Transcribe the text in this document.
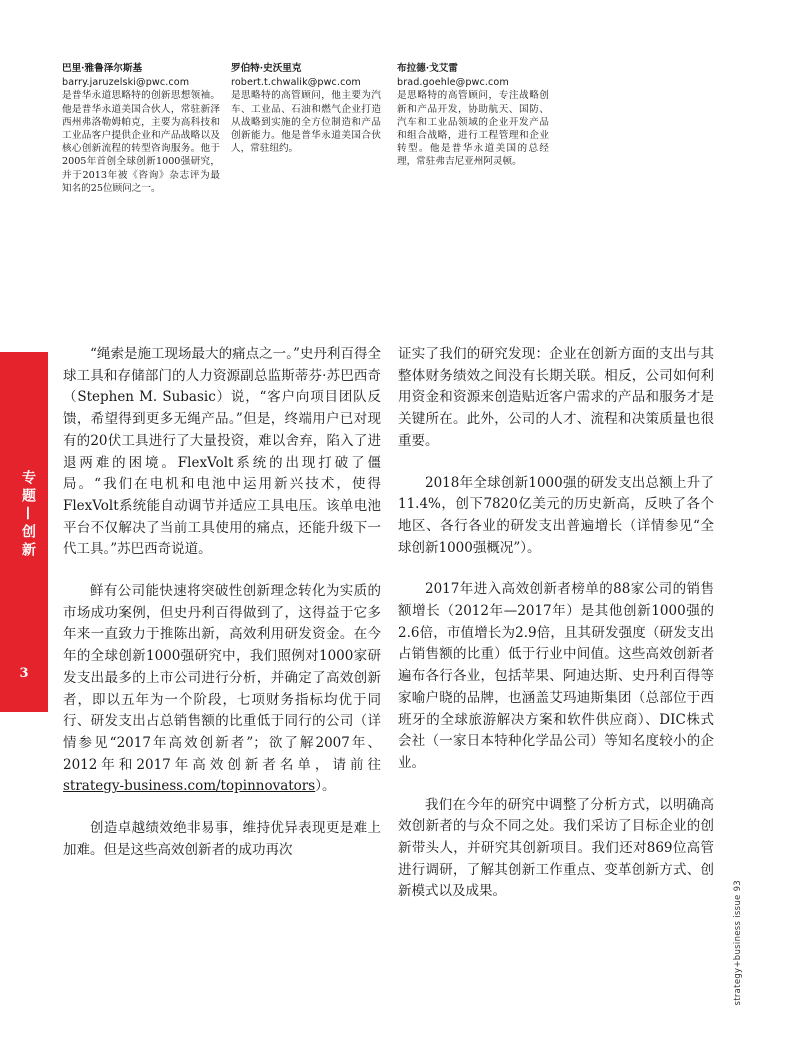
巴里·雅鲁泽尔斯基
barry.jaruzelski@pwc.com
是普华永道思略特的创新思想领袖。他是普华永道美国合伙人，常驻新泽西州弗洛勒姆帕克，主要为高科技和工业品客户提供企业和产品战略以及核心创新流程的转型咨询服务。他于2005年首创全球创新1000强研究，并于2013年被《咨询》杂志评为最知名的25位顾问之一。
罗伯特·史沃里克
robert.t.chwalik@pwc.com
是思略特的高管顾问，他主要为汽车、工业品、石油和燃气企业打造从战略到实施的全方位制造和产品创新能力。他是普华永道美国合伙人，常驻纽约。
布拉德·戈艾雷
brad.goehle@pwc.com
是思略特的高管顾问，专注战略创新和产品开发，协助航天、国防、汽车和工业品领域的企业开发产品和组合战略，进行工程管理和企业转型。他是普华永道美国的总经理，常驻弗吉尼亚州阿灵顿。
专题—创新
3

“绳索是施工现场最大的痛点之一。”史丹利百得全球工具和存储部门的人力资源副总监斯蒂芬·苏巴西奇（Stephen M. Subasic）说，“客户向项目团队反馈，希望得到更多无绳产品。”但是，终端用户已对现有的20伏工具进行了大量投资，难以舍弃，陷入了进退两难的困境。FlexVolt系统的出现打破了僵局。“我们在电机和电池中运用新兴技术，使得FlexVolt系统能自动调节并适应工具电压。该单电池平台不仅解决了当前工具使用的痛点，还能升级下一代工具。”苏巴西奇说道。

鲜有公司能快速将突破性创新理念转化为实质的市场成功案例，但史丹利百得做到了，这得益于它多年来一直致力于推陈出新，高效利用研发资金。在今年的全球创新1000强研究中，我们照例对1000家研发支出最多的上市公司进行分析，并确定了高效创新者，即以五年为一个阶段，七项财务指标均优于同行、研发支出占总销售额的比重低于同行的公司（详情参见“2017年高效创新者”；欲了解2007年、2012年和2017年高效创新者名单，请前往strategy-business.com/topinnovators）。

创造卓越绩效绝非易事，维持优异表现更是难上加难。但是这些高效创新者的成功再次

证实了我们的研究发现：企业在创新方面的支出与其整体财务绩效之间没有长期关联。相反，公司如何利用资金和资源来创造贴近客户需求的产品和服务才是关键所在。此外，公司的人才、流程和决策质量也很重要。

2018年全球创新1000强的研发支出总额上升了11.4%，创下7820亿美元的历史新高，反映了各个地区、各行各业的研发支出普遍增长（详情参见“全球创新1000强概况”）。

2017年进入高效创新者榜单的88家公司的销售额增长（2012年—2017年）是其他创新1000强的2.6倍，市值增长为2.9倍，且其研发强度（研发支出占销售额的比重）低于行业中间值。这些高效创新者遍布各行各业，包括苹果、阿迪达斯、史丹利百得等家喻户晓的品牌，也涵盖艾玛迪斯集团（总部位于西班牙的全球旅游解决方案和软件供应商）、DIC株式会社（一家日本特种化学品公司）等知名度较小的企业。

我们在今年的研究中调整了分析方式，以明确高效创新者的与众不同之处。我们采访了目标企业的创新带头人，并研究其创新项目。我们还对869位高管进行调研，了解其创新工作重点、变革创新方式、创新模式以及成果。	strategy+business issue 93
